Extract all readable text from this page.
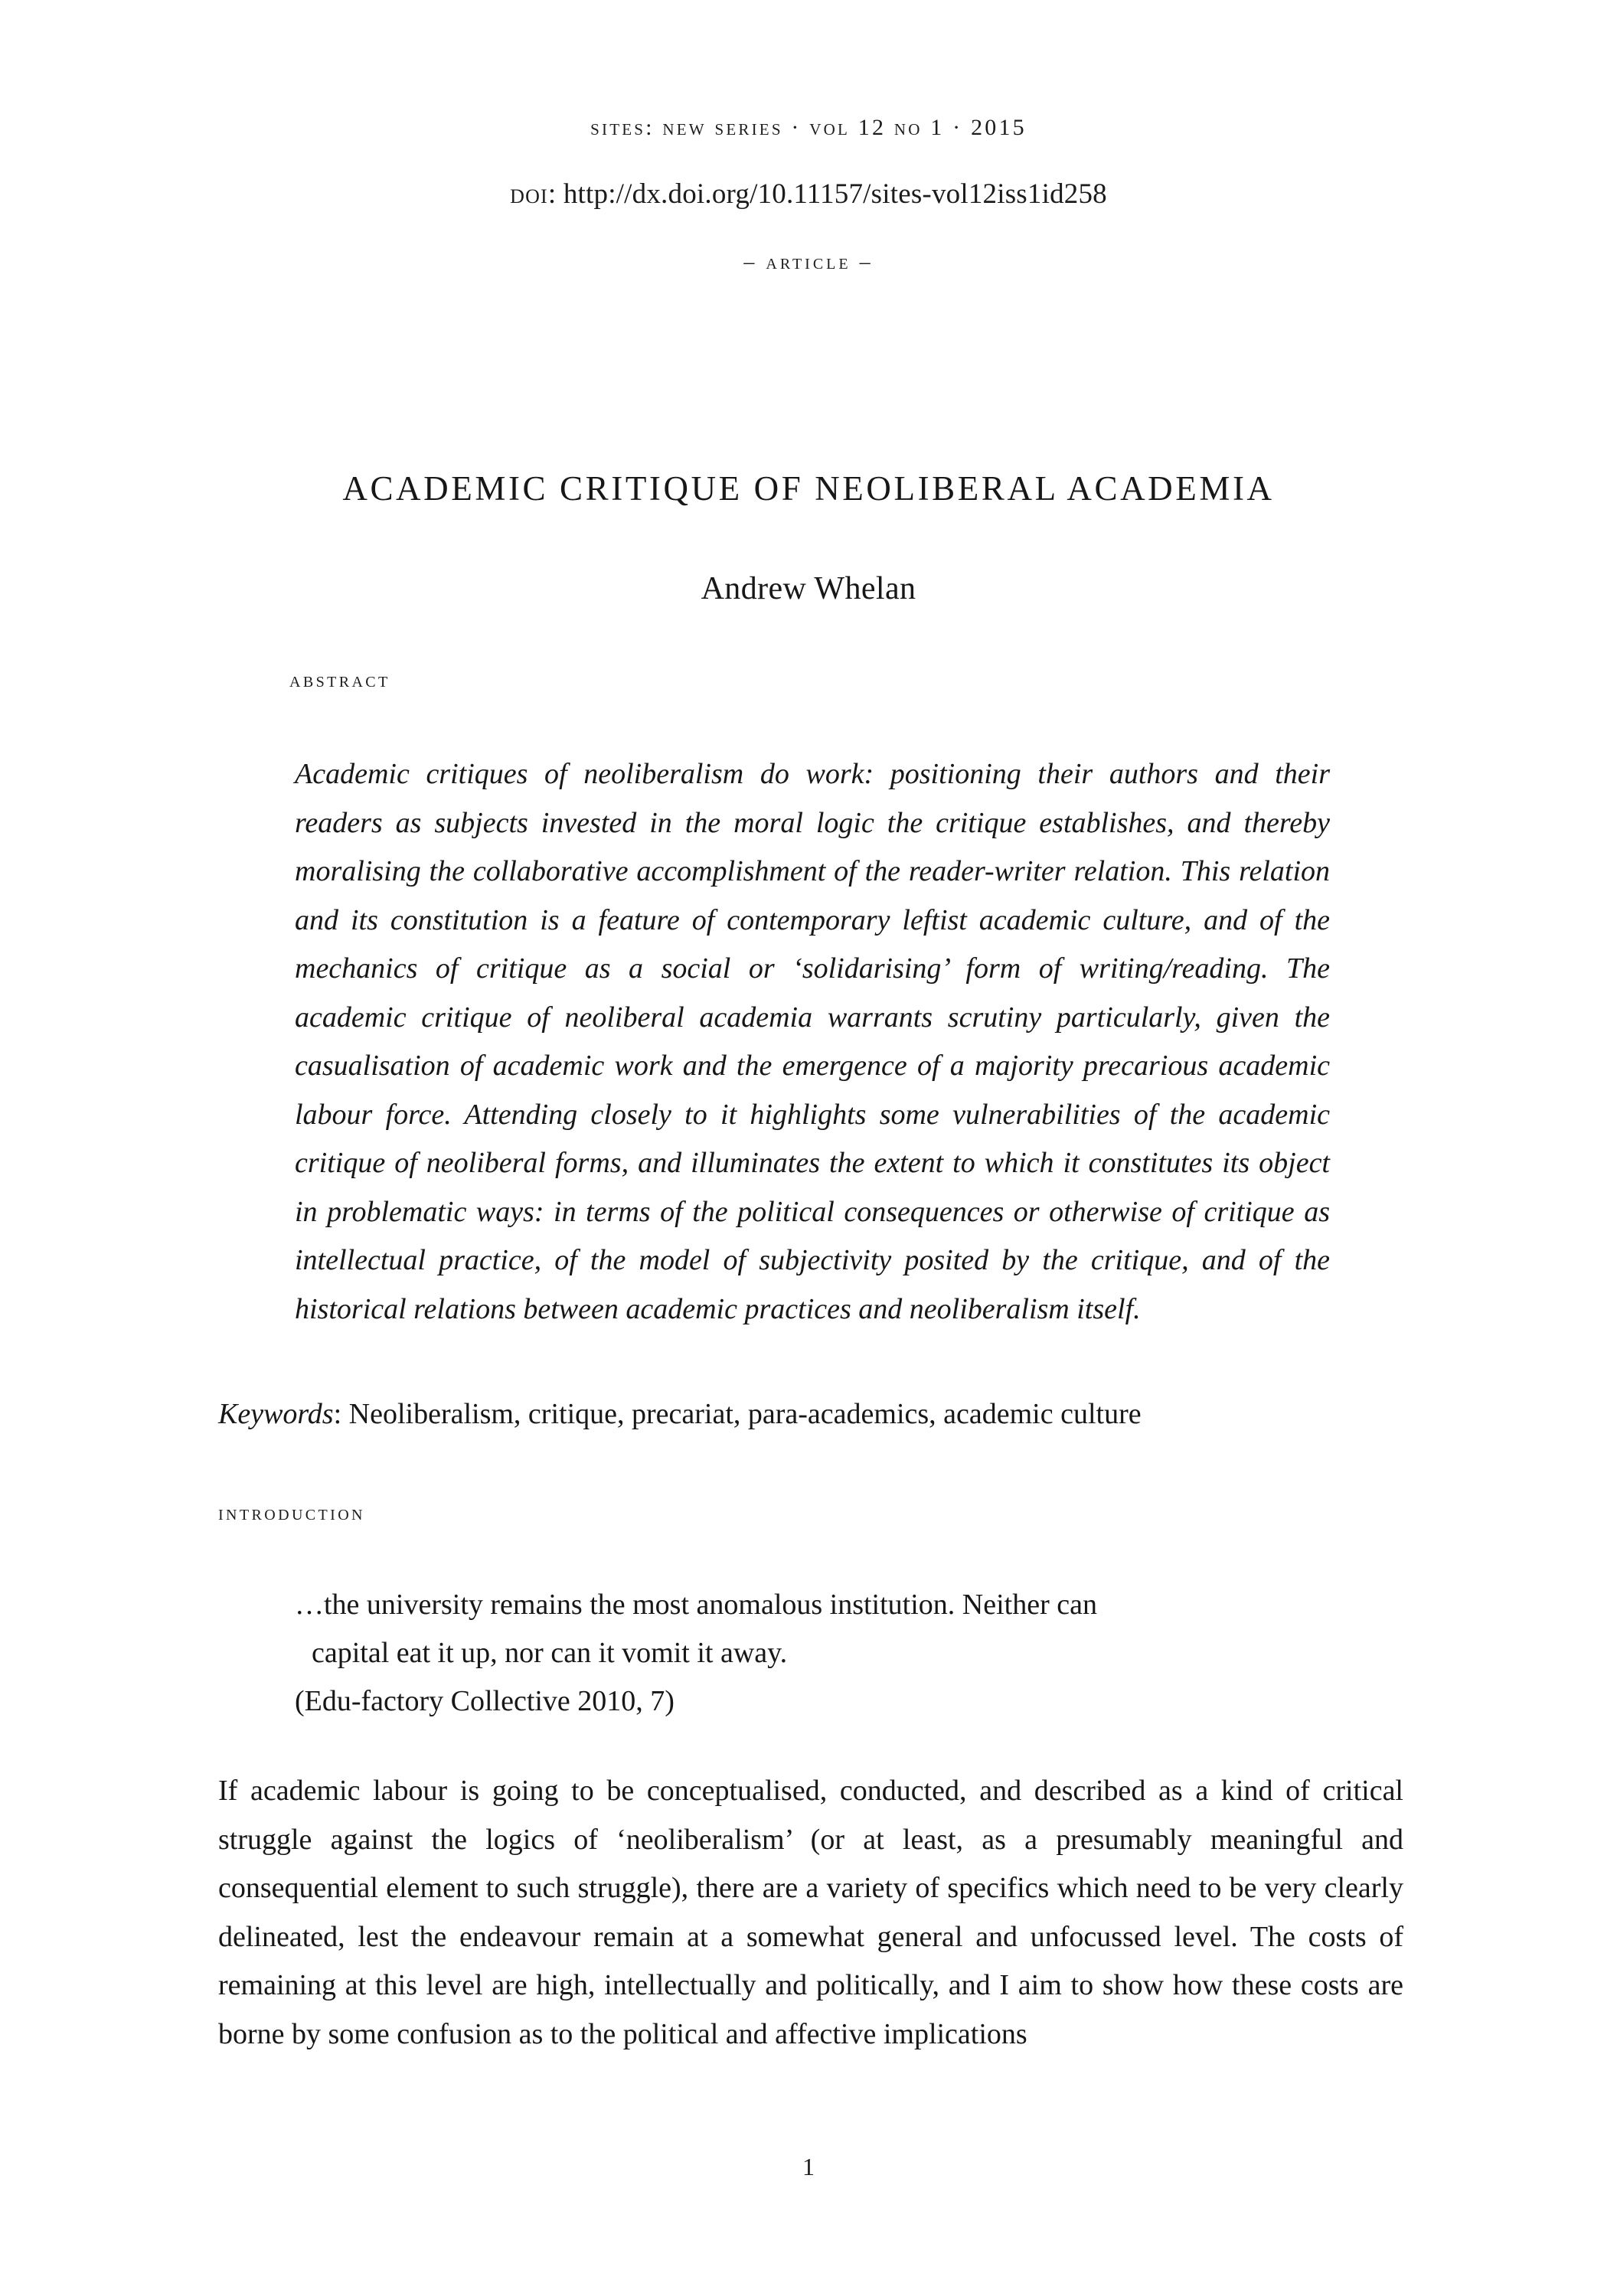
sites: new series · vol 12 no 1 · 2015
doi: http://dx.doi.org/10.11157/sites-vol12iss1id258
– article –
ACADEMIC CRITIQUE OF NEOLIBERAL ACADEMIA
Andrew Whelan
abstract

Academic critiques of neoliberalism do work: positioning their authors and their readers as subjects invested in the moral logic the critique establishes, and thereby moralising the collaborative accomplishment of the reader-writer relation. This relation and its constitution is a feature of contemporary leftist academic culture, and of the mechanics of critique as a social or ‘solidarising’ form of writing/reading. The academic critique of neoliberal academia warrants scrutiny particularly, given the casualisation of academic work and the emergence of a majority precarious academic labour force. Attending closely to it highlights some vulnerabilities of the academic critique of neoliberal forms, and illuminates the extent to which it constitutes its object in problematic ways: in terms of the political consequences or otherwise of critique as intellectual practice, of the model of subjectivity posited by the critique, and of the historical relations between academic practices and neoliberalism itself.

Keywords: Neoliberalism, critique, precariat, para-academics, academic culture

introduction
…the university remains the most anomalous institution. Neither can
capital eat it up, nor can it vomit it away.
(Edu-factory Collective 2010, 7)

If academic labour is going to be conceptualised, conducted, and described as a kind of critical struggle against the logics of ‘neoliberalism’ (or at least, as a presumably meaningful and consequential element to such struggle), there are a variety of specifics which need to be very clearly delineated, lest the endeavour remain at a somewhat general and unfocussed level. The costs of remaining at this level are high, intellectually and politically, and I aim to show how these costs are borne by some confusion as to the political and affective implications

1
